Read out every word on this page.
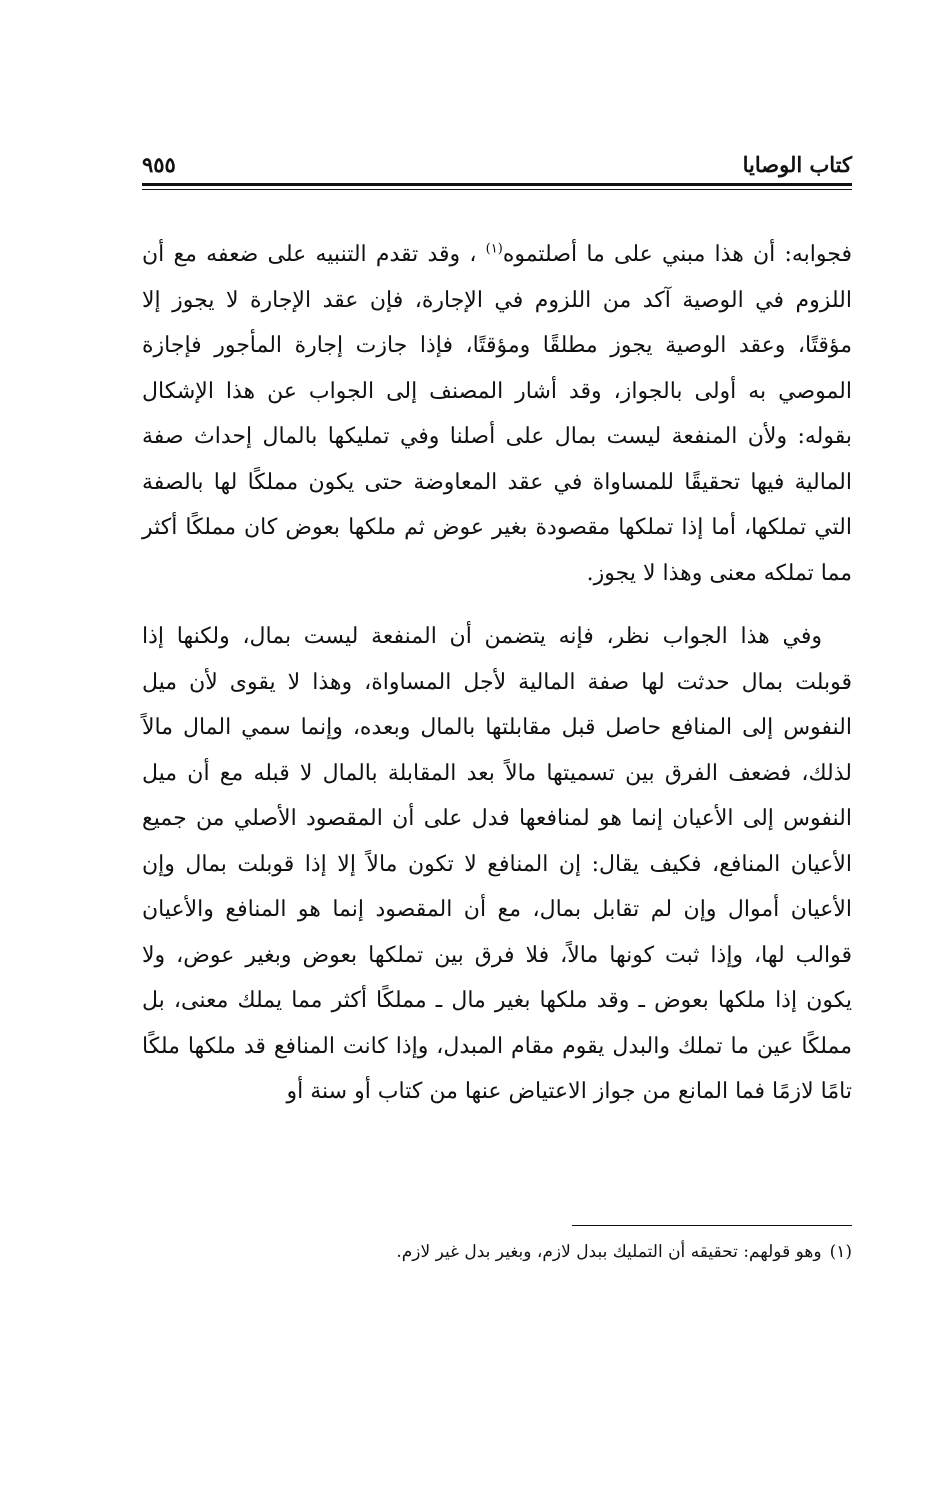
كتاب الوصايا
٩٥٥

فجوابه: أن هذا مبني على ما أصلتموه$^{(١)}$ ، وقد تقدم التنبيه على ضعفه مع أن اللزوم في الوصية آكد من اللزوم في الإجارة، فإن عقد الإجارة لا يجوز إلا مؤقتًا، وعقد الوصية يجوز مطلقًا ومؤقتًا، فإذا جازت إجارة المأجور فإجازة الموصي به أولى بالجواز، وقد أشار المصنف إلى الجواب عن هذا الإشكال بقوله: ولأن المنفعة ليست بمال على أصلنا وفي تمليكها بالمال إحداث صفة المالية فيها تحقيقًا للمساواة في عقد المعاوضة حتى يكون مملكًا لها بالصفة التي تملكها، أما إذا تملكها مقصودة بغير عوض ثم ملكها بعوض كان مملكًا أكثر مما تملكه معنى وهذا لا يجوز.

وفي هذا الجواب نظر، فإنه يتضمن أن المنفعة ليست بمال، ولكنها إذا قوبلت بمال حدثت لها صفة المالية لأجل المساواة، وهذا لا يقوى لأن ميل النفوس إلى المنافع حاصل قبل مقابلتها بالمال وبعده، وإنما سمي المال مالاً لذلك، فضعف الفرق بين تسميتها مالاً بعد المقابلة بالمال لا قبله مع أن ميل النفوس إلى الأعيان إنما هو لمنافعها فدل على أن المقصود الأصلي من جميع الأعيان المنافع، فكيف يقال: إن المنافع لا تكون مالاً إلا إذا قوبلت بمال وإن الأعيان أموال وإن لم تقابل بمال، مع أن المقصود إنما هو المنافع والأعيان قوالب لها، وإذا ثبت كونها مالاً، فلا فرق بين تملكها بعوض وبغير عوض، ولا يكون إذا ملكها بعوض ـ وقد ملكها بغير مال ـ مملكًا أكثر مما يملك معنى، بل مملكًا عين ما تملك والبدل يقوم مقام المبدل، وإذا كانت المنافع قد ملكها ملكًا تامًا لازمًا فما المانع من جواز الاعتياض عنها من كتاب أو سنة أو

(١)وهو قولهم: تحقيقه أن التمليك ببدل لازم، وبغير بدل غير لازم.
